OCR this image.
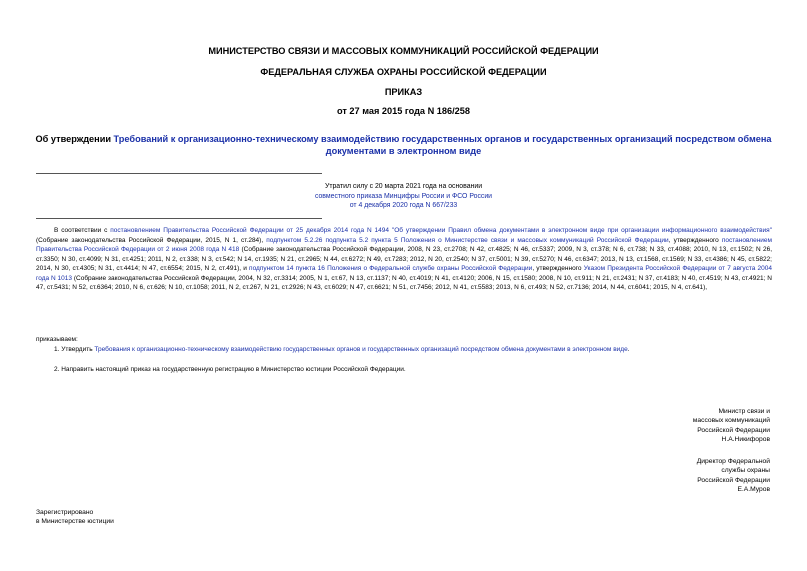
МИНИСТЕРСТВО СВЯЗИ И МАССОВЫХ КОММУНИКАЦИЙ РОССИЙСКОЙ ФЕДЕРАЦИИ
ФЕДЕРАЛЬНАЯ СЛУЖБА ОХРАНЫ РОССИЙСКОЙ ФЕДЕРАЦИИ
ПРИКАЗ
от 27 мая 2015 года N 186/258
Об утверждении Требований к организационно-техническому взаимодействию государственных органов и государственных организаций посредством обмена документами в электронном виде
Утратил силу с 20 марта 2021 года на основании
совместного приказа Минцифры России и ФСО России
от 4 декабря 2020 года N 667/233

В соответствии с постановлением Правительства Российской Федерации от 25 декабря 2014 года N 1494 "Об утверждении Правил обмена документами в электронном виде при организации информационного взаимодействия" (Собрание законодательства Российской Федерации, 2015, N 1, ст.284), подпунктом 5.2.26 подпункта 5.2 пункта 5 Положения о Министерстве связи и массовых коммуникаций Российской Федерации, утвержденного постановлением Правительства Российской Федерации от 2 июня 2008 года N 418 (Собрание законодательства Российской Федерации, 2008, N 23, ст.2708; N 42, ст.4825; N 46, ст.5337; 2009, N 3, ст.378; N 6, ст.738; N 33, ст.4088; 2010, N 13, ст.1502; N 26, ст.3350; N 30, ст.4099; N 31, ст.4251; 2011, N 2, ст.338; N 3, ст.542; N 14, ст.1935; N 21, ст.2965; N 44, ст.6272; N 49, ст.7283; 2012, N 20, ст.2540; N 37, ст.5001; N 39, ст.5270; N 46, ст.6347; 2013, N 13, ст.1568, ст.1569; N 33, ст.4386; N 45, ст.5822; 2014, N 30, ст.4305; N 31, ст.4414; N 47, ст.6554; 2015, N 2, ст.491), и подпунктом 14 пункта 16 Положения о Федеральной службе охраны Российской Федерации, утвержденного Указом Президента Российской Федерации от 7 августа 2004 года N 1013 (Собрание законодательства Российской Федерации, 2004, N 32, ст.3314; 2005, N 1, ст.67, N 13, ст.1137; N 40, ст.4019; N 41, ст.4120; 2006, N 15, ст.1580; 2008, N 10, ст.911; N 21, ст.2431; N 37, ст.4183; N 40, ст.4519; N 43, ст.4921; N 47, ст.5431; N 52, ст.6364; 2010, N 6, ст.626; N 10, ст.1058; 2011, N 2, ст.267, N 21, ст.2926; N 43, ст.6029; N 47, ст.6621; N 51, ст.7456; 2012, N 41, ст.5583; 2013, N 6, ст.493; N 52, ст.7136; 2014, N 44, ст.6041; 2015, N 4, ст.641),

приказываем:
1. Утвердить Требования к организационно-техническому взаимодействию государственных органов и государственных организаций посредством обмена документами в электронном виде.
2. Направить настоящий приказ на государственную регистрацию в Министерство юстиции Российской Федерации.
Министр связи и
массовых коммуникаций
Российской Федерации
Н.А.Никифоров
Директор Федеральной
службы охраны
Российской Федерации
Е.А.Муров
Зарегистрировано
в Министерстве юстиции
